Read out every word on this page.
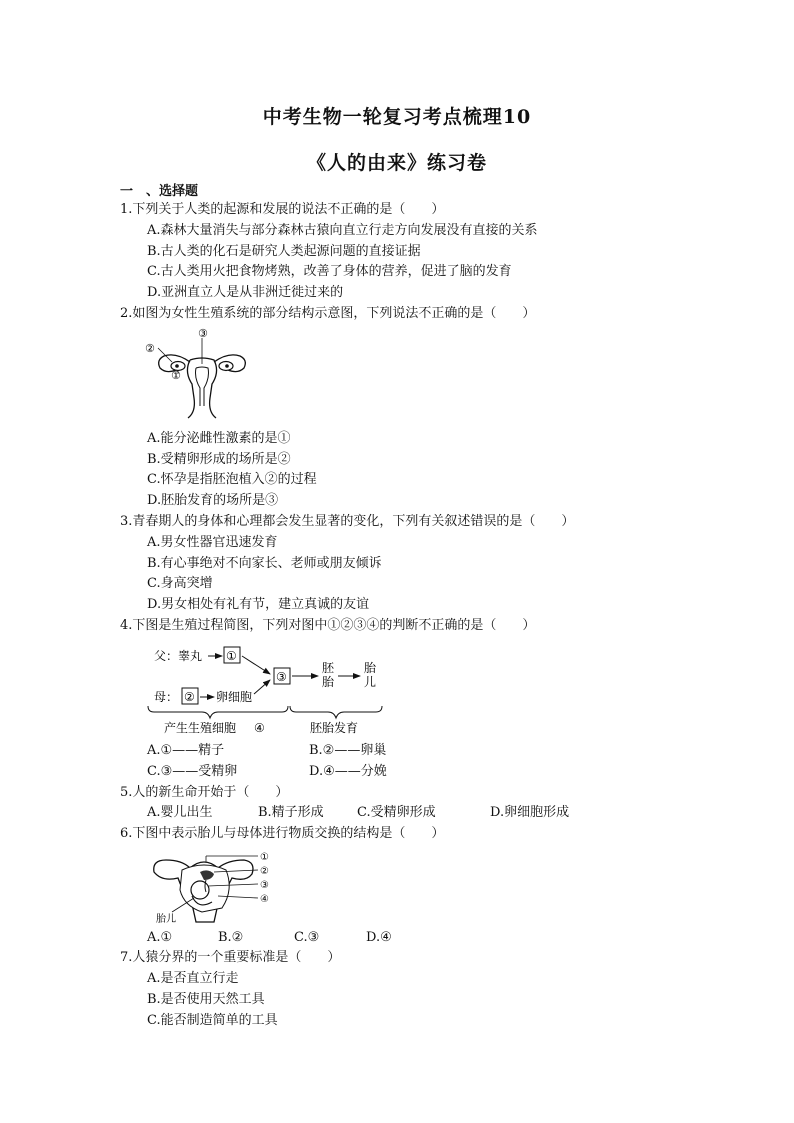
中考生物一轮复习考点梳理10
《人的由来》练习卷
一　、选择题
1.下列关于人类的起源和发展的说法不正确的是（　　）
A.森林大量消失与部分森林古猿向直立行走方向发展没有直接的关系
B.古人类的化石是研究人类起源问题的直接证据
C.古人类用火把食物烤熟，改善了身体的营养，促进了脑的发育
D.亚洲直立人是从非洲迁徙过来的
2.如图为女性生殖系统的部分结构示意图，下列说法不正确的是（　　）
②
①
③
A.能分泌雌性激素的是①
B.受精卵形成的场所是②
C.怀孕是指胚泡植入②的过程
D.胚胎发育的场所是③
3.青春期人的身体和心理都会发生显著的变化，下列有关叙述错误的是（　　）
A.男女性器官迅速发育
B.有心事绝对不向家长、老师或朋友倾诉
C.身高突增
D.男女相处有礼有节，建立真诚的友谊
4.下图是生殖过程简图，下列对图中①②③④的判断不正确的是（　　）
父：睾丸 ①
母： ② 卵细胞
③
胚
胎
胎
儿
产生生殖细胞 ④	胚胎发育
A.①——精子	B.②——卵巢
C.③——受精卵	D.④——分娩
5.人的新生命开始于（　　）
A.婴儿出生	B.精子形成	C.受精卵形成	D.卵细胞形成
6.下图中表示胎儿与母体进行物质交换的结构是（　　）
①
②
③
④
胎儿
A.①	B.②	C.③	D.④
7.人猿分界的一个重要标准是（　　）
A.是否直立行走
B.是否使用天然工具
C.能否制造简单的工具
